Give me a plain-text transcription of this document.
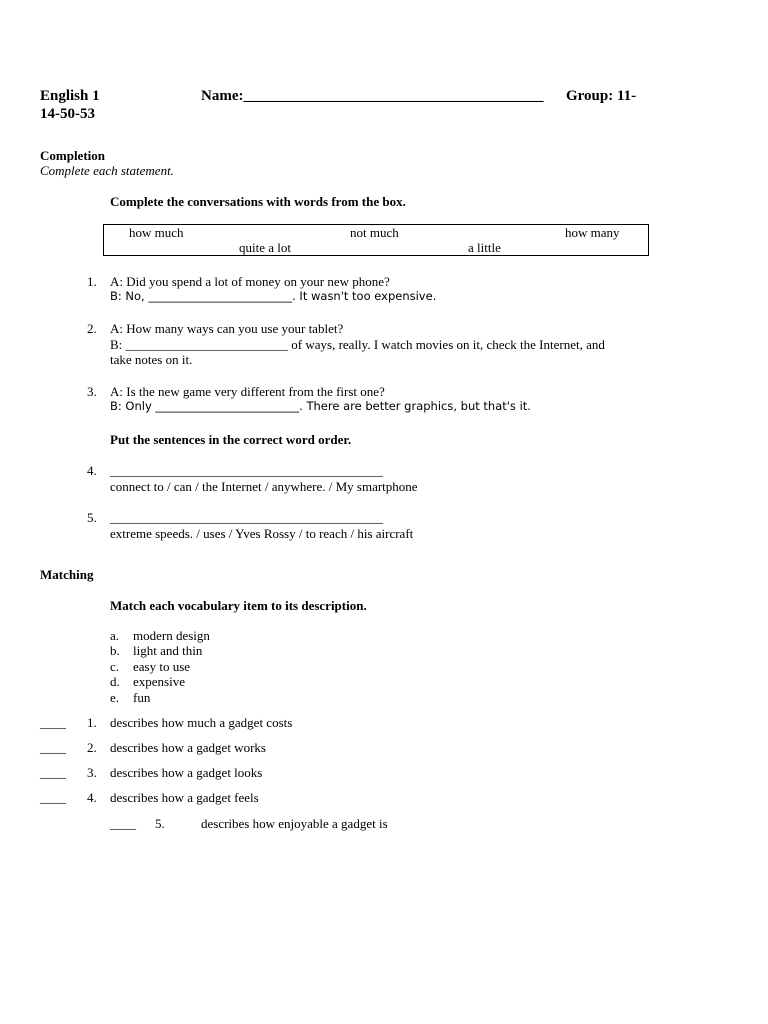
English 1	Name:________________________________________ Group: 11-
14-50-53
Completion
Complete each statement.
Complete the conversations with words from the box.
how much	not much	how many
quite a lot	a little
1. A: Did you spend a lot of money on your new phone?
B: No, _________________________. It wasn't too expensive.
2. A: How many ways can you use your tablet?
B: _________________________ of ways, really. I watch movies on it, check the Internet, and
take notes on it.
3. A: Is the new game very different from the first one?
B: Only _________________________. There are better graphics, but that's it.
Put the sentences in the correct word order.
4. __________________________________________
connect to / can / the Internet / anywhere. / My smartphone
5. __________________________________________
extreme speeds. / uses / Yves Rossy / to reach / his aircraft
Matching
Match each vocabulary item to its description.
a. modern design
b. light and thin
c. easy to use
d. expensive
e. fun
____ 1. describes how much a gadget costs
____ 2. describes how a gadget works
____ 3. describes how a gadget looks
____ 4. describes how a gadget feels
____ 5.	describes how enjoyable a gadget is
